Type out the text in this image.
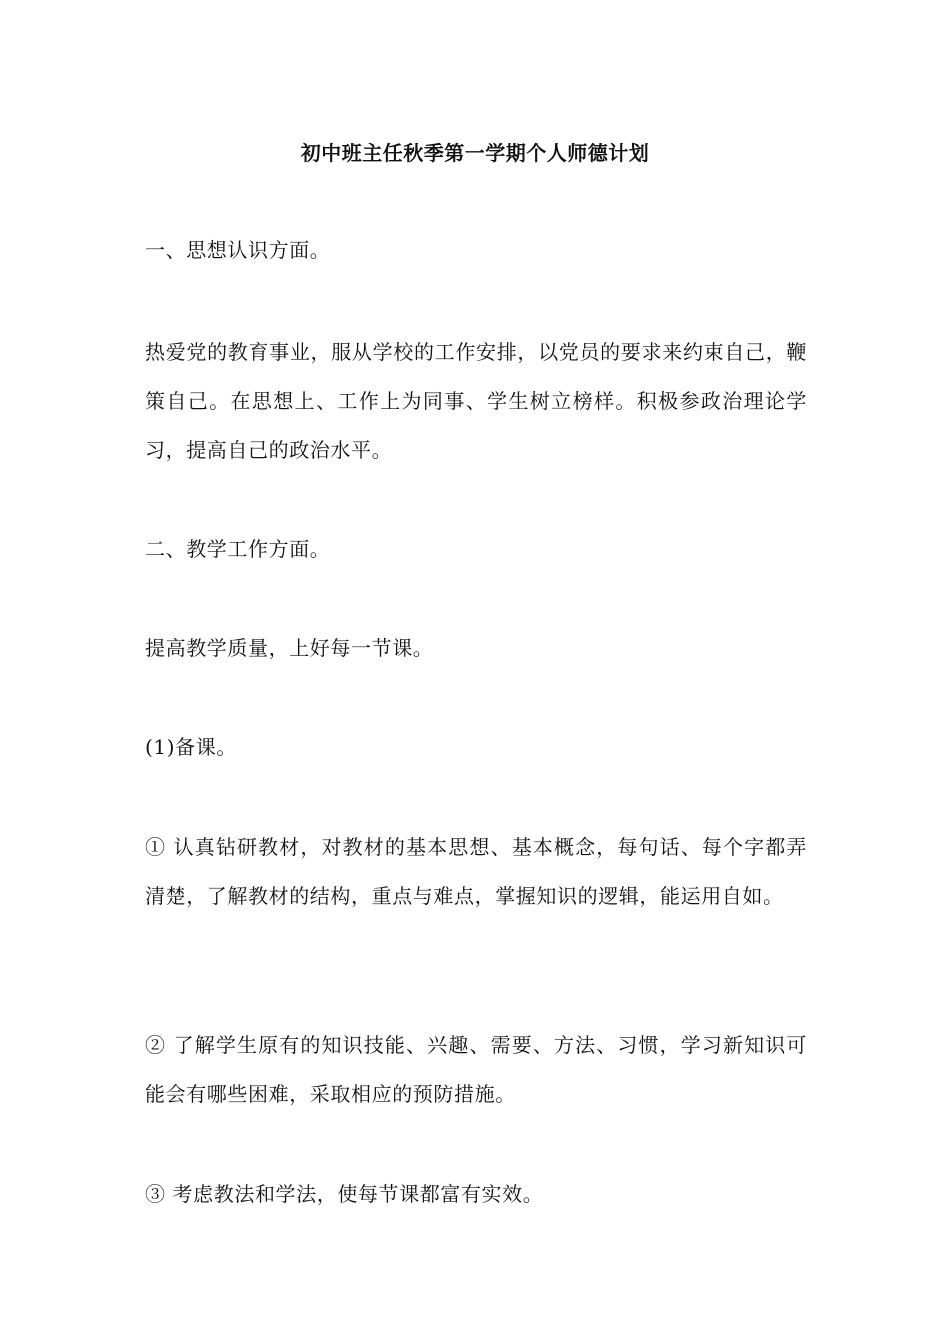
初中班主任秋季第一学期个人师德计划

一、思想认识方面。

热爱党的教育事业，服从学校的工作安排，以党员的要求来约束自己，鞭策自己。在思想上、工作上为同事、学生树立榜样。积极参政治理论学习，提高自己的政治水平。

二、教学工作方面。

提高教学质量，上好每一节课。

(1)备课。

① 认真钻研教材，对教材的基本思想、基本概念，每句话、每个字都弄清楚，了解教材的结构，重点与难点，掌握知识的逻辑，能运用自如。

② 了解学生原有的知识技能、兴趣、需要、方法、习惯，学习新知识可能会有哪些困难，采取相应的预防措施。

③ 考虑教法和学法，使每节课都富有实效。
